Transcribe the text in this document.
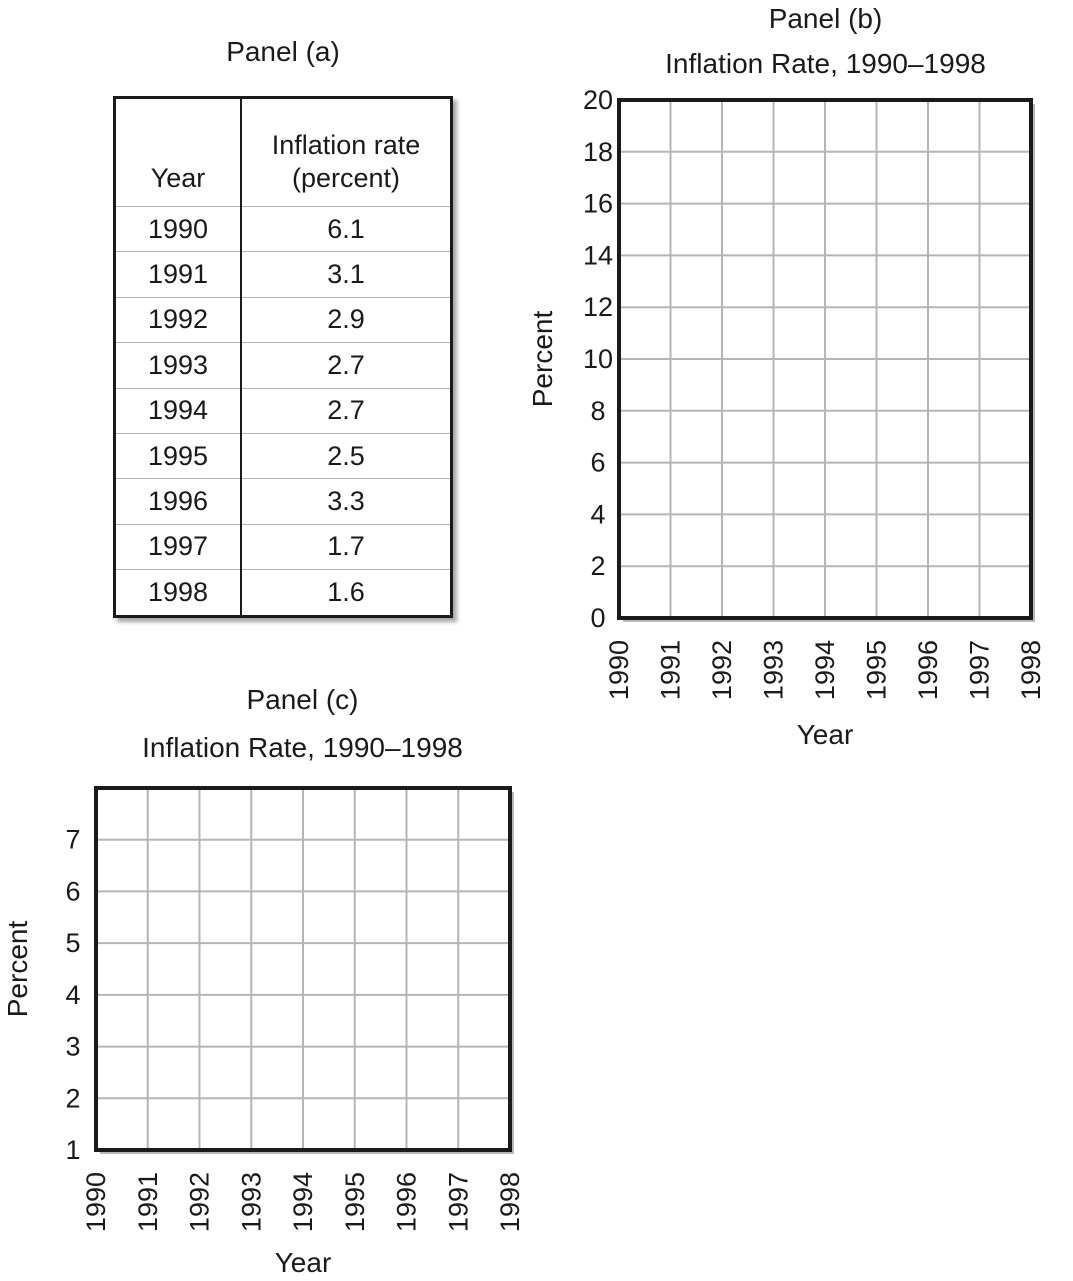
Panel (a)
Year	Inflation rate
(percent)
1990	6.1
1991	3.1
1992	2.9
1993	2.7
1994	2.7
1995	2.5
1996	3.3
1997	1.7
1998	1.6
Panel (b)
Inflation Rate, 1990–1998
Panel (c)
Inflation Rate, 1990–1998
0
2
4
6
8
10
12
14
16
18
20
1990 1991 1992 1993 1994 1995 1996 1997 1998
Year
Percent
1
2
3
4
5
6
7
1990 1991 1992 1993 1994 1995 1996 1997 1998
Year
Percent
